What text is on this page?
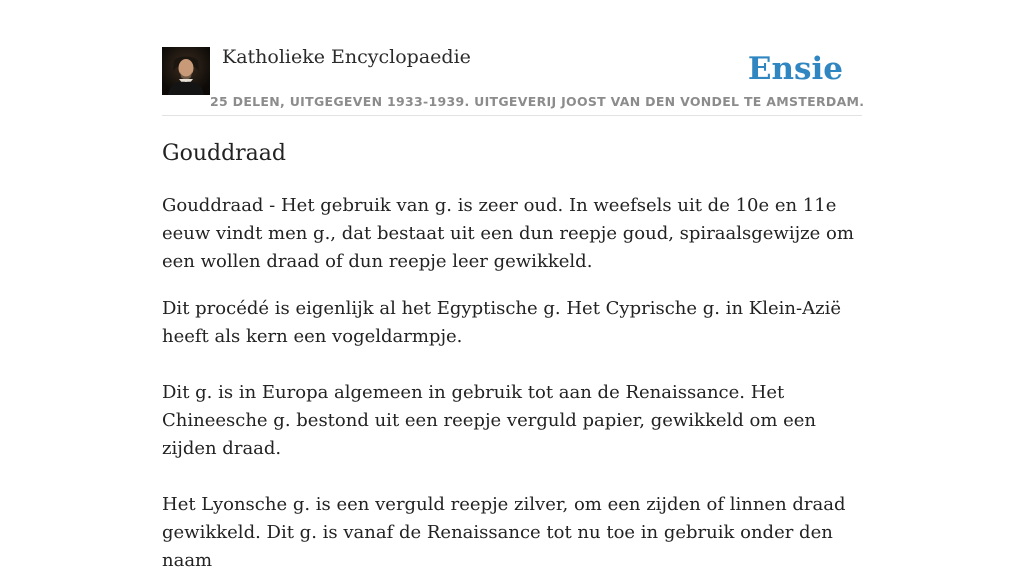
Katholieke Encyclopaedie
25 DELEN, UITGEGEVEN 1933-1939. UITGEVERIJ JOOST VAN DEN VONDEL TE AMSTERDAM.
Ensie
Gouddraad

Gouddraad - Het gebruik van g. is zeer oud. In weefsels uit de 10e en 11e eeuw vindt men g., dat bestaat uit een dun reepje goud, spiraalsgewijze om een wollen draad of dun reepje leer gewikkeld.

Dit procédé is eigenlijk al het Egyptische g. Het Cyprische g. in Klein-Azië heeft als kern een vogeldarmpje.

Dit g. is in Europa algemeen in gebruik tot aan de Renaissance. Het Chineesche g. bestond uit een reepje verguld papier, gewikkeld om een zijden draad.

Het Lyonsche g. is een verguld reepje zilver, om een zijden of linnen draad gewikkeld. Dit g. is vanaf de Renaissance tot nu toe in gebruik onder den naam
